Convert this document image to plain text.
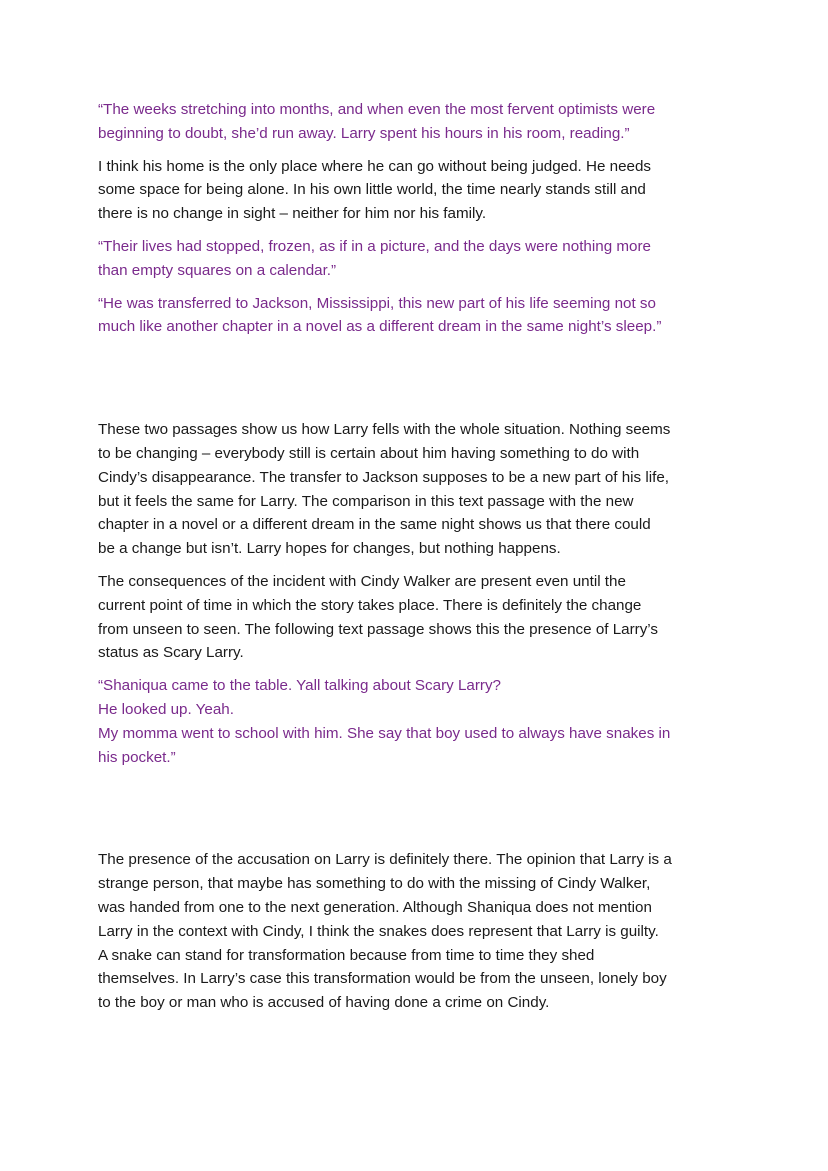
“The weeks stretching into months, and when even the most fervent optimists were
beginning to doubt, she’d run away. Larry spent his hours in his room, reading.”

I think his home is the only place where he can go without being judged. He needs
some space for being alone. In his own little world, the time nearly stands still and
there is no change in sight – neither for him nor his family.

“Their lives had stopped, frozen, as if in a picture, and the days were nothing more
than empty squares on a calendar.”

“He was transferred to Jackson, Mississippi, this new part of his life seeming not so
much like another chapter in a novel as a different dream in the same night’s sleep.”

These two passages show us how Larry fells with the whole situation. Nothing seems
to be changing – everybody still is certain about him having something to do with
Cindy’s disappearance. The transfer to Jackson supposes to be a new part of his life,
but it feels the same for Larry. The comparison in this text passage with the new
chapter in a novel or a different dream in the same night shows us that there could
be a change but isn’t. Larry hopes for changes, but nothing happens.

The consequences of the incident with Cindy Walker are present even until the
current point of time in which the story takes place. There is definitely the change
from unseen to seen. The following text passage shows this the presence of Larry’s
status as Scary Larry.

“Shaniqua came to the table. Yall talking about Scary Larry?
He looked up. Yeah.
My momma went to school with him. She say that boy used to always have snakes in
his pocket.”

The presence of the accusation on Larry is definitely there. The opinion that Larry is a
strange person, that maybe has something to do with the missing of Cindy Walker,
was handed from one to the next generation. Although Shaniqua does not mention
Larry in the context with Cindy, I think the snakes does represent that Larry is guilty.
A snake can stand for transformation because from time to time they shed
themselves. In Larry’s case this transformation would be from the unseen, lonely boy
to the boy or man who is accused of having done a crime on Cindy.
